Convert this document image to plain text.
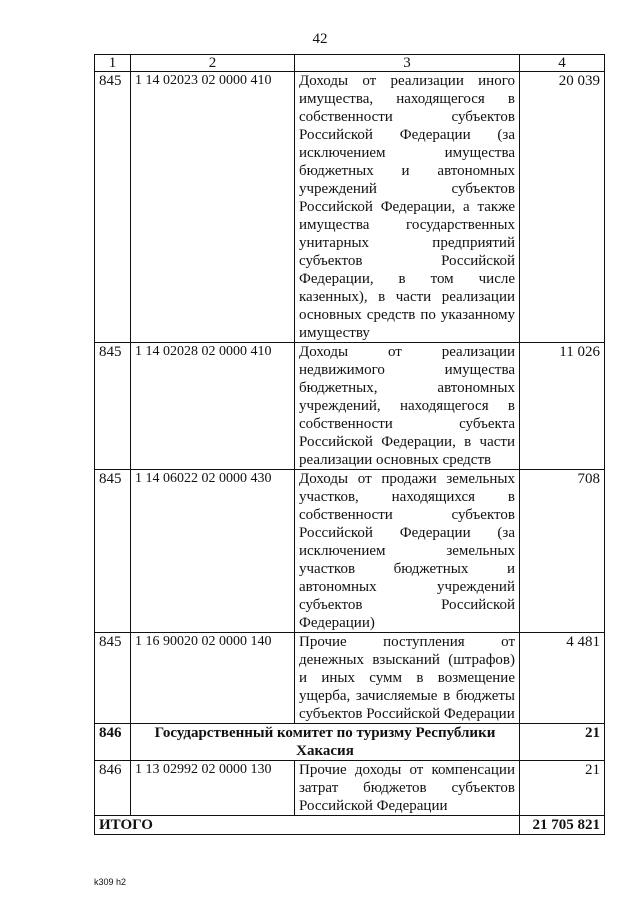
42
1	2	3	4
845	1 14 02023 02 0000 410	Доходы от реализации иного имущества, находящегося в собственности субъектов Российской Федерации (за исключением имущества бюджетных и автономных учреждений субъектов Российской Федерации, а также имущества государственных унитарных предприятий субъектов Российской Федерации, в том числе казенных), в части реализации основных средств по указанному имуществу	20 039
845	1 14 02028 02 0000 410	Доходы от реализации недвижимого имущества бюджетных, автономных учреждений, находящегося в собственности субъекта Российской Федерации, в части реализации основных средств	11 026
845	1 14 06022 02 0000 430	Доходы от продажи земельных участков, находящихся в собственности субъектов Российской Федерации (за исключением земельных участков бюджетных и автономных учреждений субъектов Российской Федерации)	708
845	1 16 90020 02 0000 140	Прочие поступления от денежных взысканий (штрафов) и иных сумм в возмещение ущерба, зачисляемые в бюджеты субъектов Российской Федерации	4 481
846	Государственный комитет по туризму Республики Хакасия		21
846	1 13 02992 02 0000 130	Прочие доходы от компенсации затрат бюджетов субъектов Российской Федерации	21
ИТОГО			21 705 821
k309 h2
